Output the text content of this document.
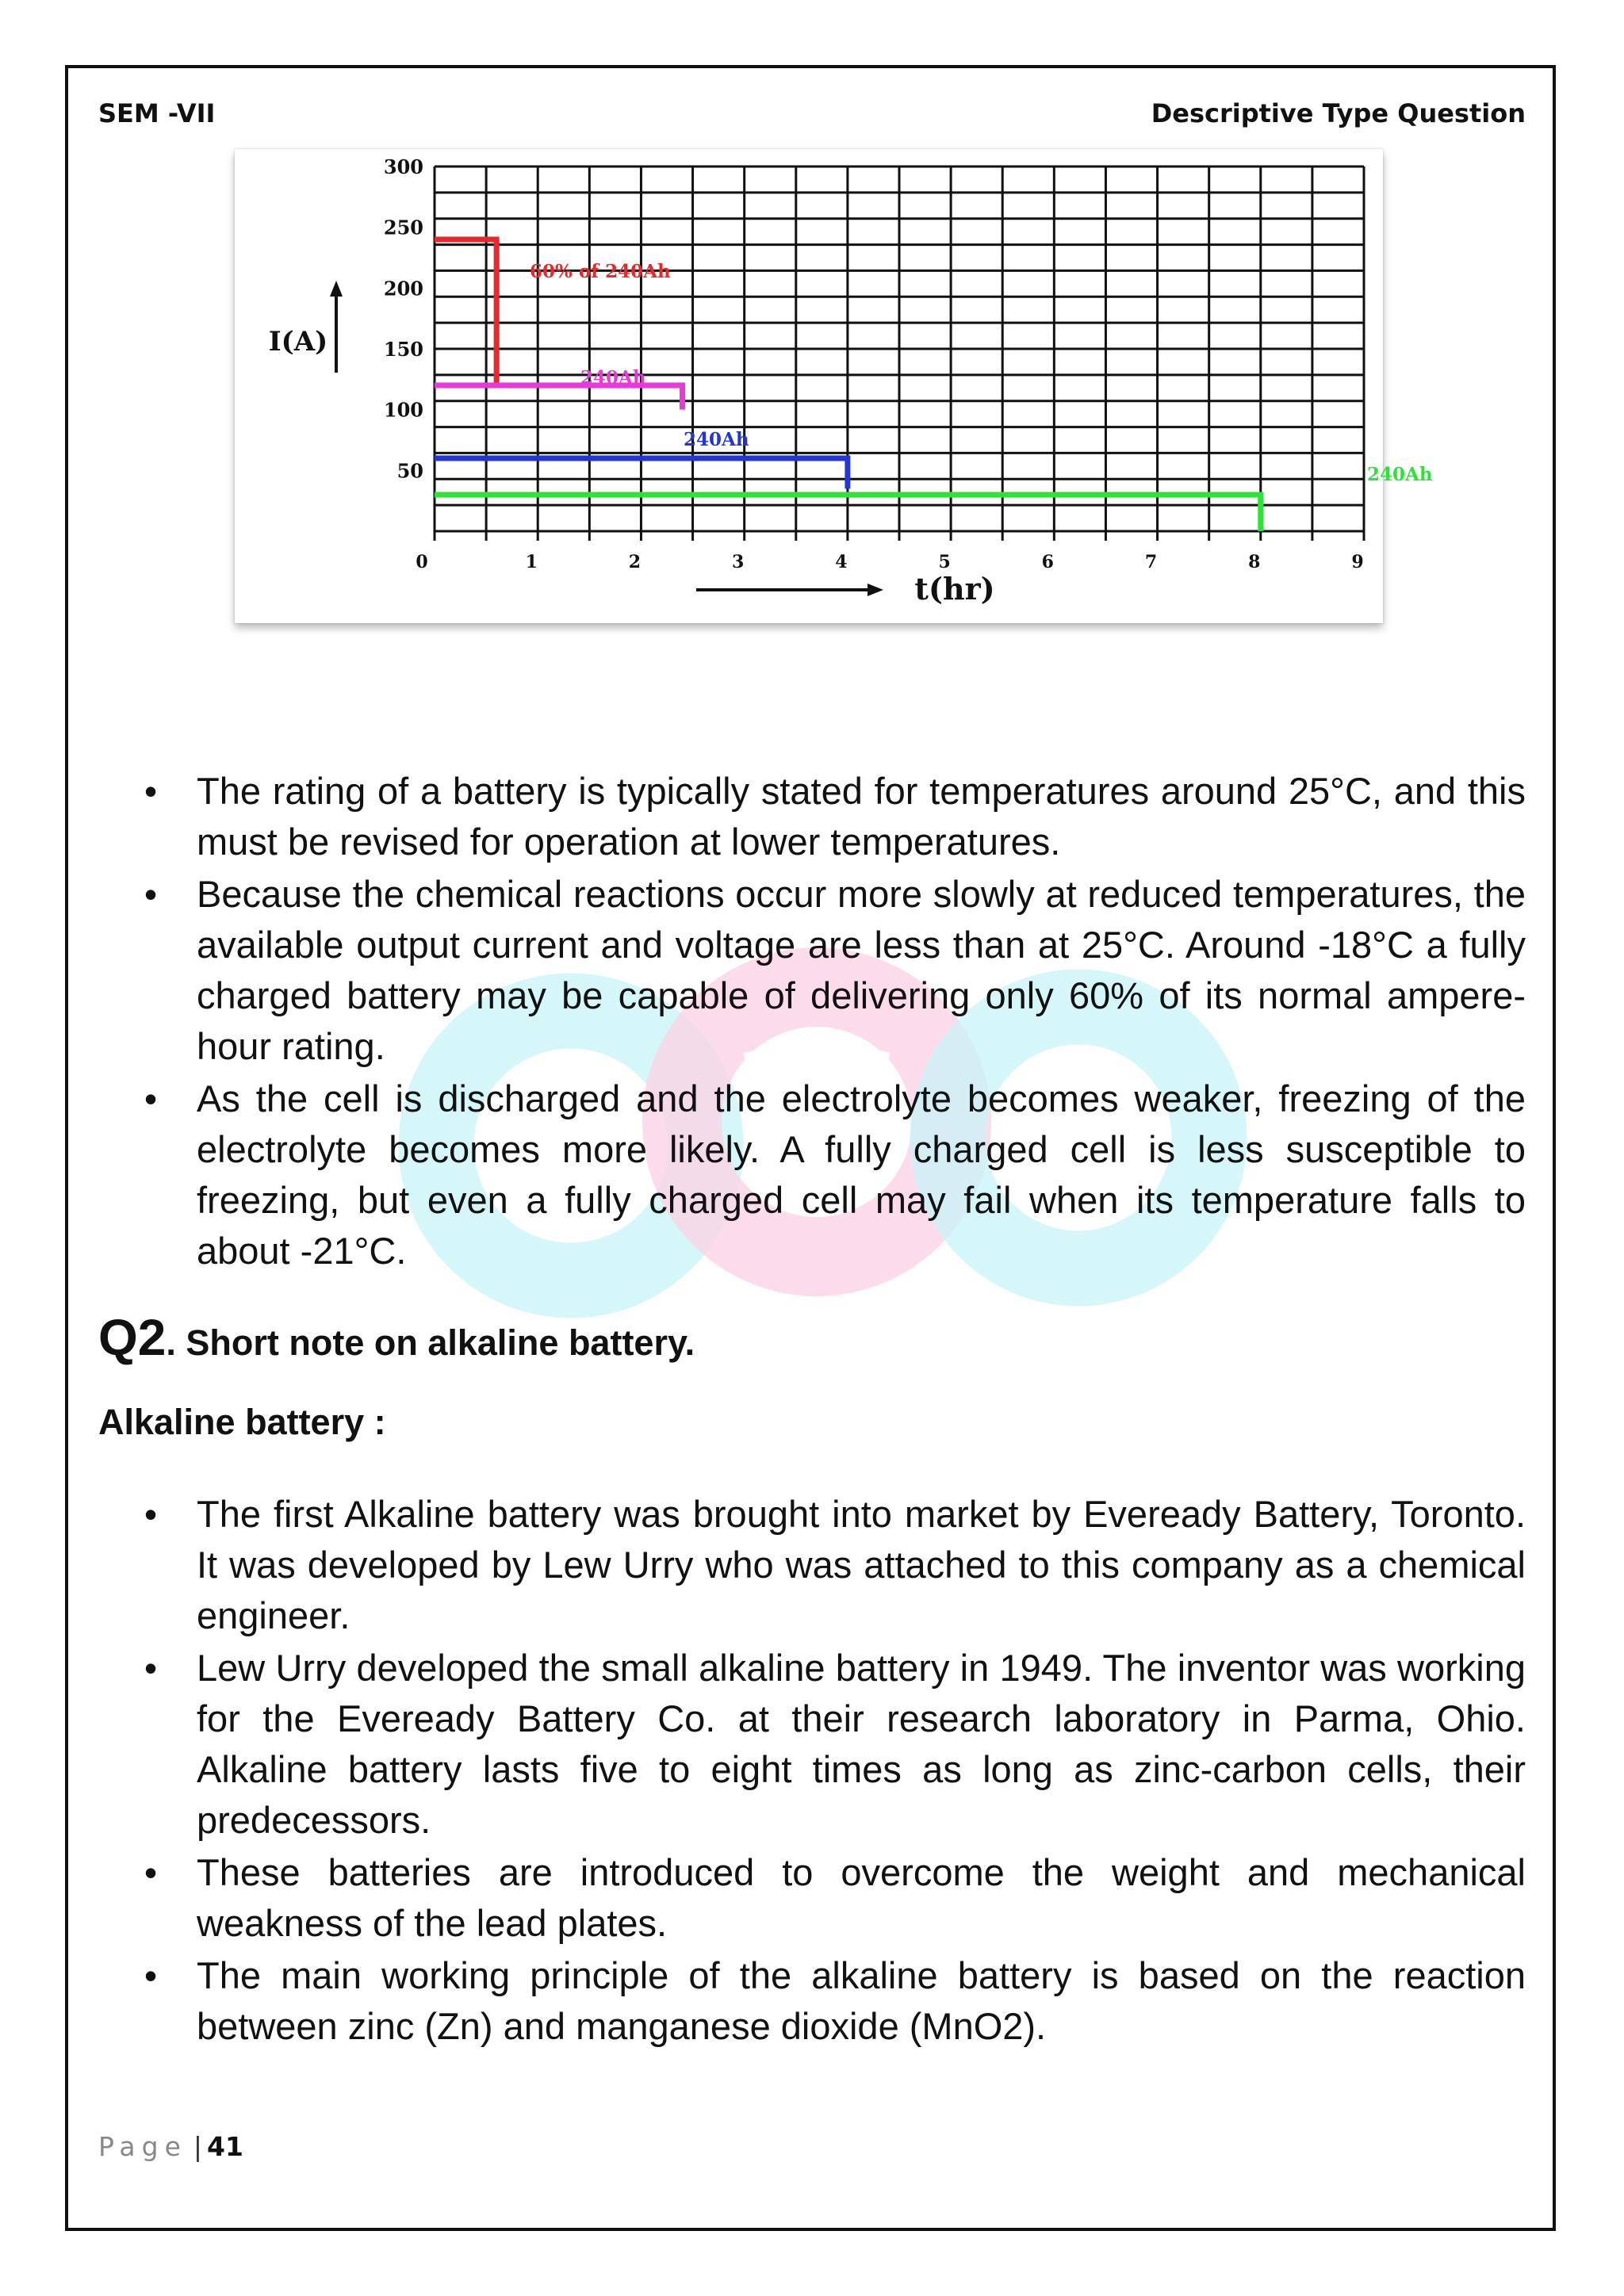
SEM -VII	Descriptive Type Question
50
100
150
200
250
300
0	1	2	3	4	5	6	7	8	9
I(A)
t(hr)
60% of 240Ah
240Ah
240Ah
240Ah
• The rating of a battery is typically stated for temperatures around 25°C, and this must be revised for operation at lower temperatures.
• Because the chemical reactions occur more slowly at reduced temperatures, the available output current and voltage are less than at 25°C. Around -18°C a fully charged battery may be capable of delivering only 60% of its normal ampere-hour rating.
• As the cell is discharged and the electrolyte becomes weaker, freezing of the electrolyte becomes more likely. A fully charged cell is less susceptible to freezing, but even a fully charged cell may fail when its temperature falls to about -21°C.
Q2. Short note on alkaline battery.
Alkaline battery :
• The first Alkaline battery was brought into market by Eveready Battery, Toronto. It was developed by Lew Urry who was attached to this company as a chemical engineer.
• Lew Urry developed the small alkaline battery in 1949. The inventor was working for the Eveready Battery Co. at their research laboratory in Parma, Ohio. Alkaline battery lasts five to eight times as long as zinc-carbon cells, their predecessors.
• These batteries are introduced to overcome the weight and mechanical weakness of the lead plates.
• The main working principle of the alkaline battery is based on the reaction between zinc (Zn) and manganese dioxide (MnO2).
Page | 41
